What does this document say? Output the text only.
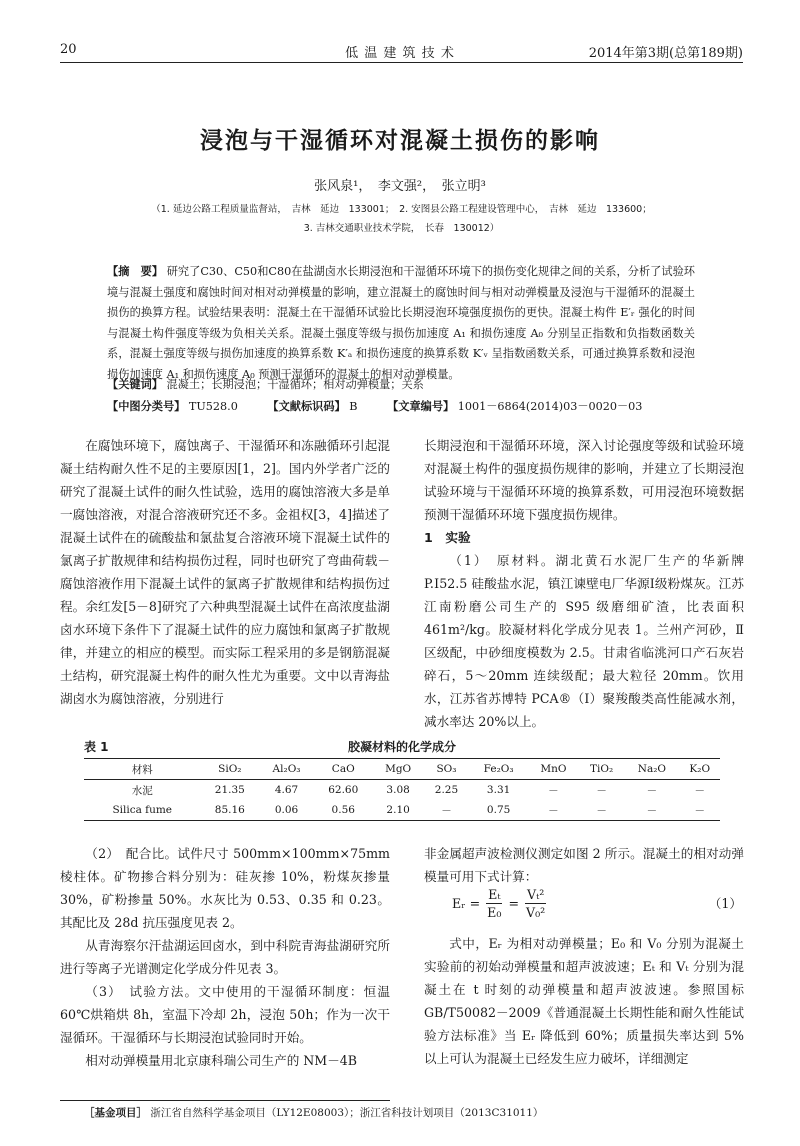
20	低 温 建 筑 技 术	2014年第3期(总第189期)
浸泡与干湿循环对混凝土损伤的影响
张风泉¹，　李文强²，　张立明³
（1. 延边公路工程质量监督站，　吉林　延边　133001；　2. 安图县公路工程建设管理中心，　吉林　延边　133600；
3. 吉林交通职业技术学院，　长春　130012）
【摘　要】 研究了C30、C50和C80在盐湖卤水长期浸泡和干湿循环环境下的损伤变化规律之间的关系，分析了试验环境与混凝土强度和腐蚀时间对相对动弹模量的影响，建立混凝土的腐蚀时间与相对动弹模量及浸泡与干湿循环的混凝土损伤的换算方程。试验结果表明：混凝土在干湿循环试验比长期浸泡环境强度损伤的更快。混凝土构件 E′ᵣ 强化的时间与混凝土构件强度等级为负相关关系。混凝土强度等级与损伤加速度 A₁ 和损伤速度 A₀ 分别呈正指数和负指数函数关系，混凝土强度等级与损伤加速度的换算系数 K′ₐ 和损伤速度的换算系数 K′ᵥ 呈指数函数关系，可通过换算系数和浸泡损伤加速度 A₁ 和损伤速度 A₀ 预测干湿循环的混凝土的相对动弹模量。
【关键词】 混凝土；长期浸泡；干湿循环；相对动弹模量；关系
【中图分类号】 TU528.0	【文献标识码】 B	【文章编号】 1001－6864(2014)03－0020－03

在腐蚀环境下，腐蚀离子、干湿循环和冻融循环引起混凝土结构耐久性不足的主要原因[1，2]。国内外学者广泛的研究了混凝土试件的耐久性试验，选用的腐蚀溶液大多是单一腐蚀溶液，对混合溶液研究还不多。金祖权[3，4]描述了混凝土试件在的硫酸盐和氯盐复合溶液环境下混凝土试件的氯离子扩散规律和结构损伤过程，同时也研究了弯曲荷载－腐蚀溶液作用下混凝土试件的氯离子扩散规律和结构损伤过程。余红发[5－8]研究了六种典型混凝土试件在高浓度盐湖卤水环境下条件下了混凝土试件的应力腐蚀和氯离子扩散规律，并建立的相应的模型。而实际工程采用的多是钢筋混凝土结构，研究混凝土构件的耐久性尤为重要。文中以青海盐湖卤水为腐蚀溶液，分别进行

长期浸泡和干湿循环环境，深入讨论强度等级和试验环境对混凝土构件的强度损伤规律的影响，并建立了长期浸泡试验环境与干湿循环环境的换算系数，可用浸泡环境数据预测干湿循环环境下强度损伤规律。

1　实验

（1）　原材料。湖北黄石水泥厂生产的华新牌 P.Ⅰ52.5 硅酸盐水泥，镇江谏壁电厂华源Ⅰ级粉煤灰。江苏江南粉磨公司生产的 S95 级磨细矿渣，比表面积 461m²/kg。胶凝材料化学成分见表 1。兰州产河砂，Ⅱ区级配，中砂细度模数为 2.5。甘肃省临洮河口产石灰岩碎石，5～20mm 连续级配；最大粒径 20mm。饮用水，江苏省苏博特 PCA®（Ⅰ）聚羧酸类高性能减水剂，减水率达 20%以上。

表 1	胶凝材料的化学成分
材料	SiO₂	Al₂O₃	CaO	MgO	SO₃	Fe₂O₃	MnO	TiO₂	Na₂O	K₂O
水泥	21.35	4.67	62.60	3.08	2.25	3.31	－	－	－	－
Silica fume	85.16	0.06	0.56	2.10	－	0.75	－	－	－	－

（2）　配合比。试件尺寸 500mm×100mm×75mm 棱柱体。矿物掺合料分别为：硅灰掺 10%，粉煤灰掺量 30%，矿粉掺量 50%。水灰比为 0.53、0.35 和 0.23。其配比及 28d 抗压强度见表 2。

从青海察尔汗盐湖运回卤水，到中科院青海盐湖研究所进行等离子光谱测定化学成分件见表 3。

（3）　试验方法。文中使用的干湿循环制度：恒温 60℃烘箱烘 8h，室温下冷却 2h，浸泡 50h；作为一次干湿循环。干湿循环与长期浸泡试验同时开始。

相对动弹模量用北京康科瑞公司生产的 NM－4B

非金属超声波检测仪测定如图 2 所示。混凝土的相对动弹模量可用下式计算：

Eᵣ = $\frac{\text{Eₜ}}{\text{E₀}} = \frac{\text{Vₜ²}}{\text{V₀²}}$	（1）

式中，Eᵣ 为相对动弹模量；E₀ 和 V₀ 分别为混凝土实验前的初始动弹模量和超声波波速；Eₜ 和 Vₜ 分别为混凝土在 t 时刻的动弹模量和超声波波速。参照国标 GB/T50082－2009《普通混凝土长期性能和耐久性能试验方法标准》当 Eᵣ 降低到 60%；质量损失率达到 5% 以上可认为混凝土已经发生应力破坏，详细测定

［基金项目］ 浙江省自然科学基金项目（LY12E08003）；浙江省科技计划项目（2013C31011）
